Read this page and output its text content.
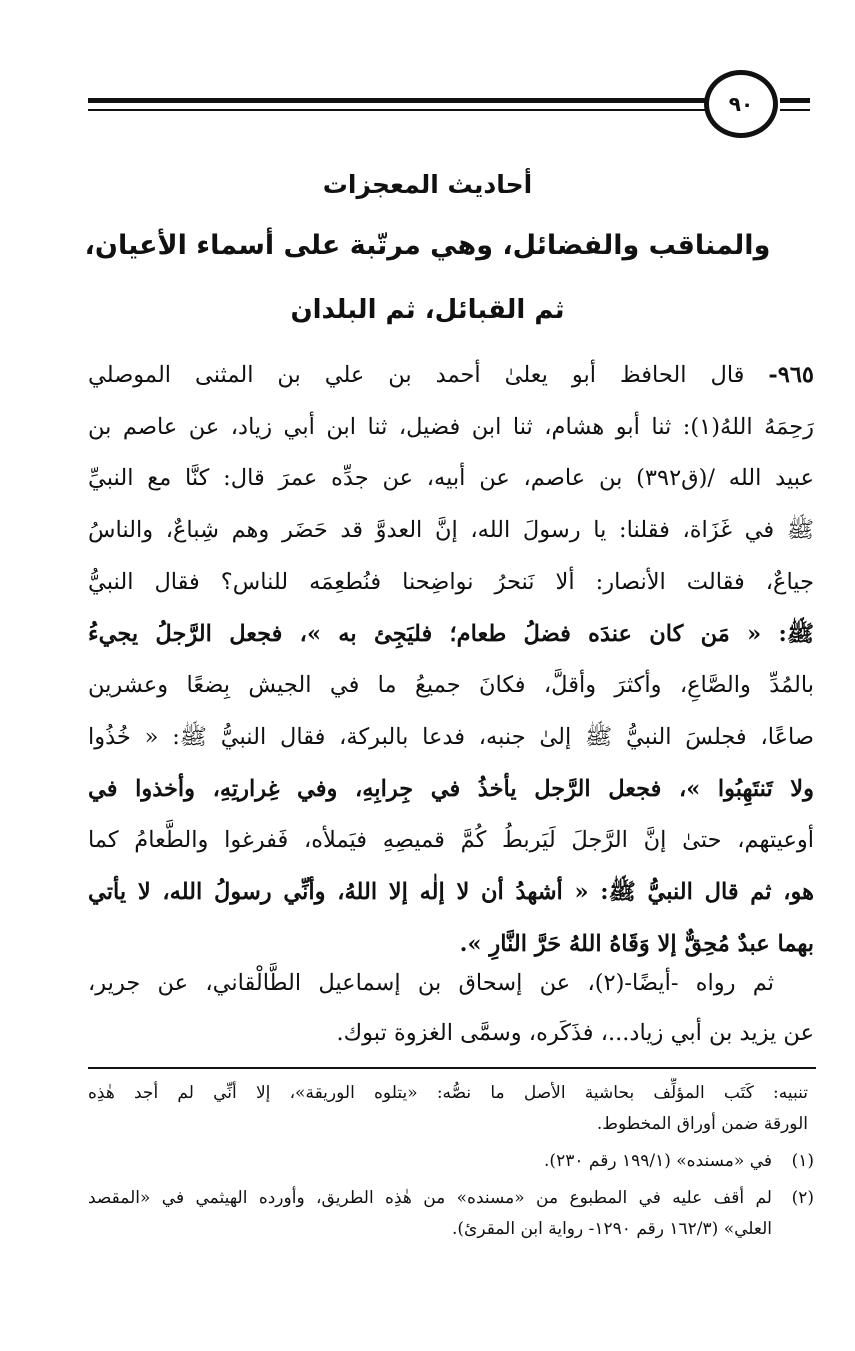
٩٠
أحاديث المعجزات
والمناقب والفضائل، وهي مرتّبة على أسماء الأعيان،
ثم القبائل، ثم البلدان
٩٦٥- قال الحافظ أبو يعلىٰ أحمد بن علي بن المثنى الموصلي
رَحِمَهُ اللهُ(١): ثنا أبو هشام، ثنا ابن فضيل، ثنا ابن أبي زياد، عن عاصم بن
عبيد الله /(ق٣٩٢) بن عاصم، عن أبيه، عن جدِّه عمرَ قال: كنَّا مع النبيِّ
ﷺ في غَزَاة، فقلنا: يا رسولَ الله، إنَّ العدوَّ قد حَضَر وهم شِباعٌ، والناسُ
جياعٌ، فقالت الأنصار: ألا نَنحرُ نواضِحنا فنُطعِمَه للناس؟ فقال النبيُّ
ﷺ: « مَن كان عندَه فضلُ طعام؛ فليَجِئ به »، فجعل الرَّجلُ يجيءُ
بالمُدِّ والصَّاعِ، وأكثرَ وأقلَّ، فكانَ جميعُ ما في الجيش بِضعًا وعشرين
صاعًا، فجلسَ النبيُّ ﷺ إلىٰ جنبه، فدعا بالبركة، فقال النبيُّ ﷺ: « خُذُوا
ولا تَنتَهِبُوا »، فجعل الرَّجل يأخذُ في جِرابِهِ، وفي غِرارتِهِ، وأخذوا في
أوعيتهم، حتىٰ إنَّ الرَّجلَ لَيَربطُ كُمَّ قميصِهِ فيَملأه، فَفرغوا والطَّعامُ كما
هو، ثم قال النبيُّ ﷺ: « أشهدُ أن لا إلٰه إلا اللهُ، وأنِّي رسولُ الله، لا يأتي
بهما عبدٌ مُحِقٌّ إلا وَقَاهُ اللهُ حَرَّ النَّارِ ».
ثم رواه -أيضًا-(٢)، عن إسحاق بن إسماعيل الطَّالْقاني، عن جرير،
عن يزيد بن أبي زياد...، فذَكَره، وسمَّى الغزوة تبوك.
تنبيه: كَتَب المؤلِّف بحاشية الأصل ما نصُّه: «يتلوه الوريقة»، إلا أنِّي لم أجد هٰذِه
الورقة ضمن أوراق المخطوط.
(١)
في «مسنده» (١٩٩/١ رقم ٢٣٠).
(٢)
لم أقف عليه في المطبوع من «مسنده» من هٰذِه الطريق، وأورده الهيثمي في «المقصد
العلي» (١٦٢/٣ رقم ١٢٩٠- رواية ابن المقرئ).
